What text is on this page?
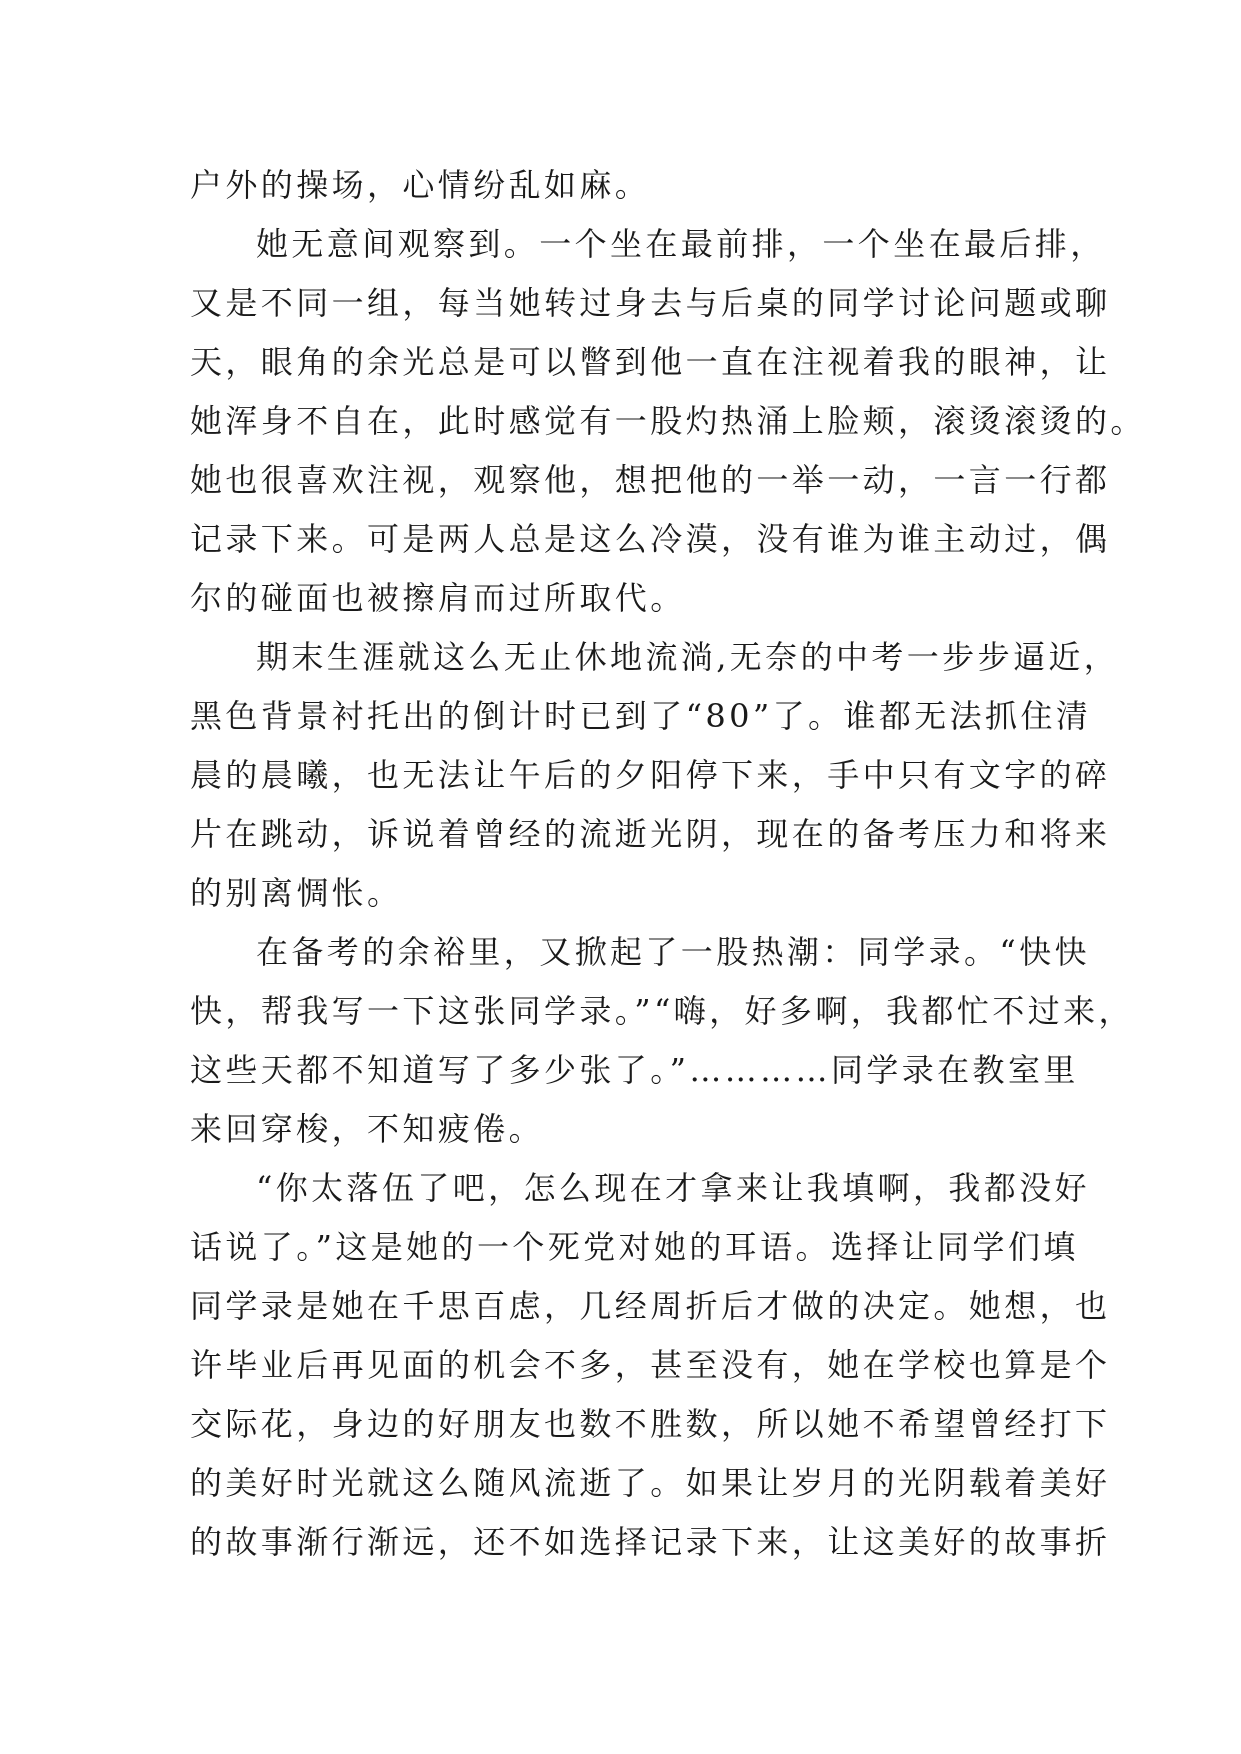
户外的操场，心情纷乱如麻。
她无意间观察到。一个坐在最前排，一个坐在最后排，
又是不同一组，每当她转过身去与后桌的同学讨论问题或聊
天，眼角的余光总是可以瞥到他一直在注视着我的眼神，让
她浑身不自在，此时感觉有一股灼热涌上脸颊，滚烫滚烫的。
她也很喜欢注视，观察他，想把他的一举一动，一言一行都
记录下来。可是两人总是这么冷漠，没有谁为谁主动过，偶
尔的碰面也被擦肩而过所取代。
期末生涯就这么无止休地流淌,无奈的中考一步步逼近，
黑色背景衬托出的倒计时已到了“80”了。谁都无法抓住清
晨的晨曦，也无法让午后的夕阳停下来，手中只有文字的碎
片在跳动，诉说着曾经的流逝光阴，现在的备考压力和将来
的别离惆怅。
在备考的余裕里，又掀起了一股热潮：同学录。“快快
快，帮我写一下这张同学录。”“嗨，好多啊，我都忙不过来，
这些天都不知道写了多少张了。”…………同学录在教室里
来回穿梭，不知疲倦。
“你太落伍了吧，怎么现在才拿来让我填啊，我都没好
话说了。”这是她的一个死党对她的耳语。选择让同学们填
同学录是她在千思百虑，几经周折后才做的决定。她想，也
许毕业后再见面的机会不多，甚至没有，她在学校也算是个
交际花，身边的好朋友也数不胜数，所以她不希望曾经打下
的美好时光就这么随风流逝了。如果让岁月的光阴载着美好
的故事渐行渐远，还不如选择记录下来，让这美好的故事折
